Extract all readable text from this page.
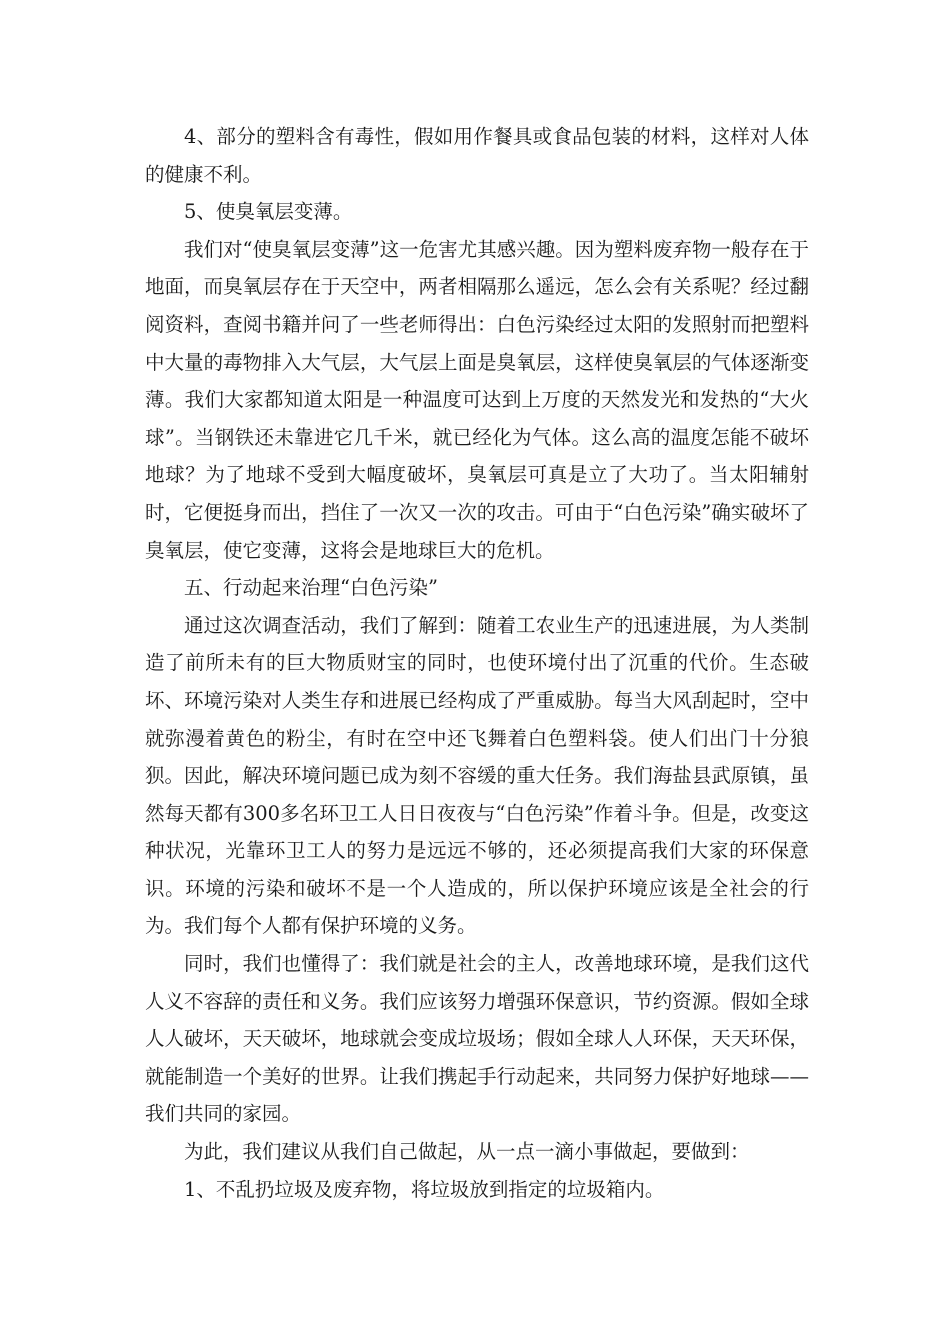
4、部分的塑料含有毒性，假如用作餐具或食品包装的材料，这样对人体的健康不利。

5、使臭氧层变薄。

我们对“使臭氧层变薄”这一危害尤其感兴趣。因为塑料废弃物一般存在于地面，而臭氧层存在于天空中，两者相隔那么遥远，怎么会有关系呢？经过翻阅资料，查阅书籍并问了一些老师得出：白色污染经过太阳的发照射而把塑料中大量的毒物排入大气层，大气层上面是臭氧层，这样使臭氧层的气体逐渐变薄。我们大家都知道太阳是一种温度可达到上万度的天然发光和发热的“大火球”。当钢铁还未靠进它几千米，就已经化为气体。这么高的温度怎能不破坏地球？为了地球不受到大幅度破坏，臭氧层可真是立了大功了。当太阳辅射时，它便挺身而出，挡住了一次又一次的攻击。可由于“白色污染”确实破坏了臭氧层，使它变薄，这将会是地球巨大的危机。

五、行动起来治理“白色污染”

通过这次调查活动，我们了解到：随着工农业生产的迅速进展，为人类制造了前所未有的巨大物质财宝的同时，也使环境付出了沉重的代价。生态破坏、环境污染对人类生存和进展已经构成了严重威胁。每当大风刮起时，空中就弥漫着黄色的粉尘，有时在空中还飞舞着白色塑料袋。使人们出门十分狼狈。因此，解决环境问题已成为刻不容缓的重大任务。我们海盐县武原镇，虽然每天都有300多名环卫工人日日夜夜与“白色污染”作着斗争。但是，改变这种状况，光靠环卫工人的努力是远远不够的，还必须提高我们大家的环保意识。环境的污染和破坏不是一个人造成的，所以保护环境应该是全社会的行为。我们每个人都有保护环境的义务。

同时，我们也懂得了：我们就是社会的主人，改善地球环境，是我们这代人义不容辞的责任和义务。我们应该努力增强环保意识，节约资源。假如全球人人破坏，天天破坏，地球就会变成垃圾场；假如全球人人环保，天天环保，就能制造一个美好的世界。让我们携起手行动起来，共同努力保护好地球——我们共同的家园。

为此，我们建议从我们自己做起，从一点一滴小事做起，要做到：

1、不乱扔垃圾及废弃物，将垃圾放到指定的垃圾箱内。
